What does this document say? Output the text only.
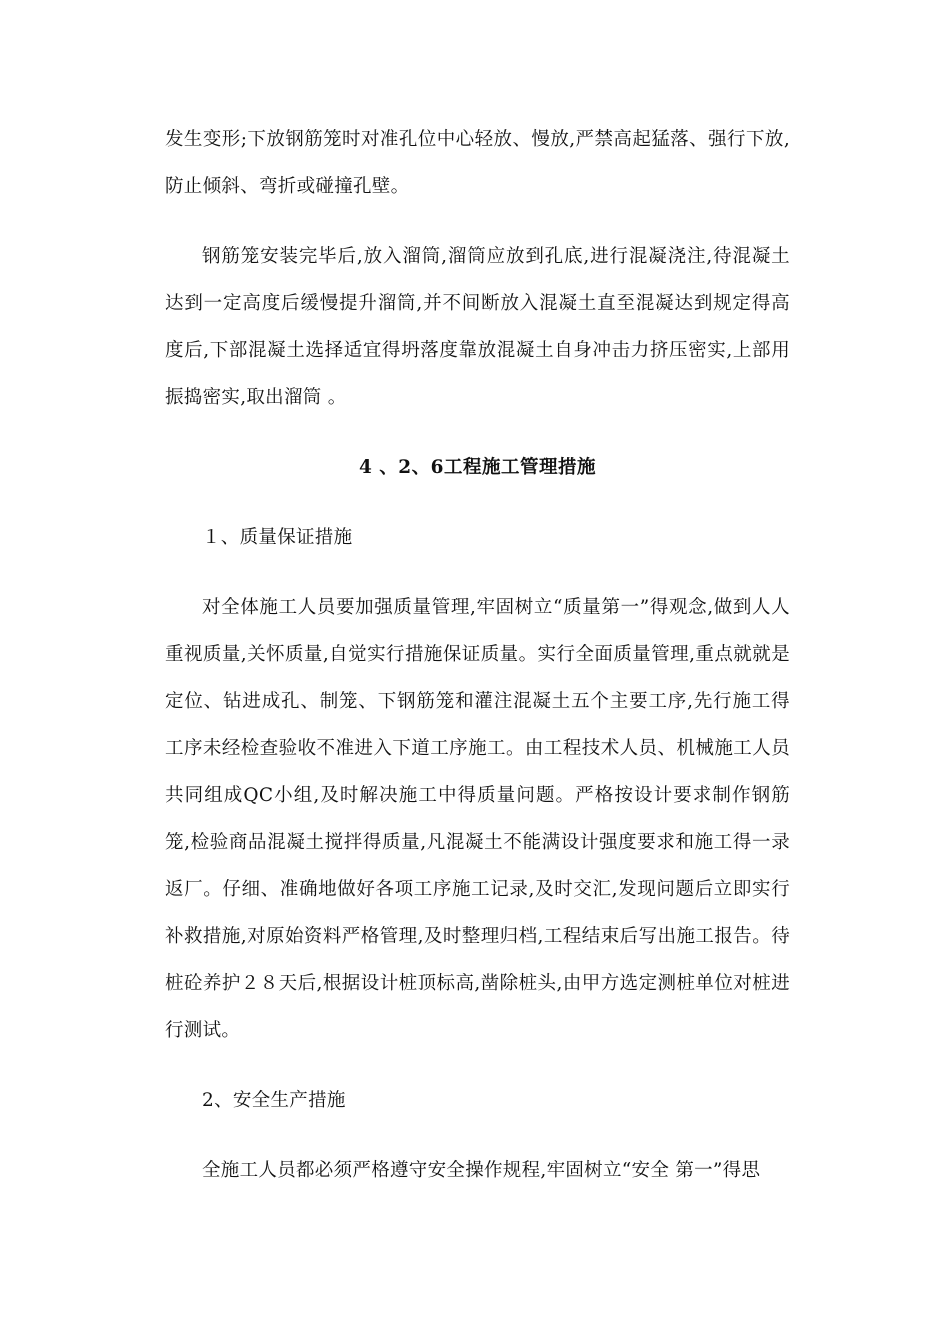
发生变形;下放钢筋笼时对准孔位中心轻放、慢放,严禁高起猛落、强行下放,防止倾斜、弯折或碰撞孔壁。

钢筋笼安装完毕后,放入溜筒,溜筒应放到孔底,进行混凝浇注,待混凝土达到一定高度后缓慢提升溜筒,并不间断放入混凝土直至混凝达到规定得高度后,下部混凝土选择适宜得坍落度靠放混凝土自身冲击力挤压密实,上部用振捣密实,取出溜筒 。

4 、2、6工程施工管理措施

１、质量保证措施

对全体施工人员要加强质量管理,牢固树立“质量第一”得观念,做到人人重视质量,关怀质量,自觉实行措施保证质量。实行全面质量管理,重点就就是定位、钻进成孔、制笼、下钢筋笼和灌注混凝土五个主要工序,先行施工得工序未经检查验收不准进入下道工序施工。由工程技术人员、机械施工人员共同组成QC小组,及时解决施工中得质量问题。严格按设计要求制作钢筋笼,检验商品混凝土搅拌得质量,凡混凝土不能满设计强度要求和施工得一录返厂。仔细、准确地做好各项工序施工记录,及时交汇,发现问题后立即实行补救措施,对原始资料严格管理,及时整理归档,工程结束后写出施工报告。待桩砼养护２８天后,根据设计桩顶标高,凿除桩头,由甲方选定测桩单位对桩进行测试。

2、安全生产措施

全施工人员都必须严格遵守安全操作规程,牢固树立“安全 第一”得思
